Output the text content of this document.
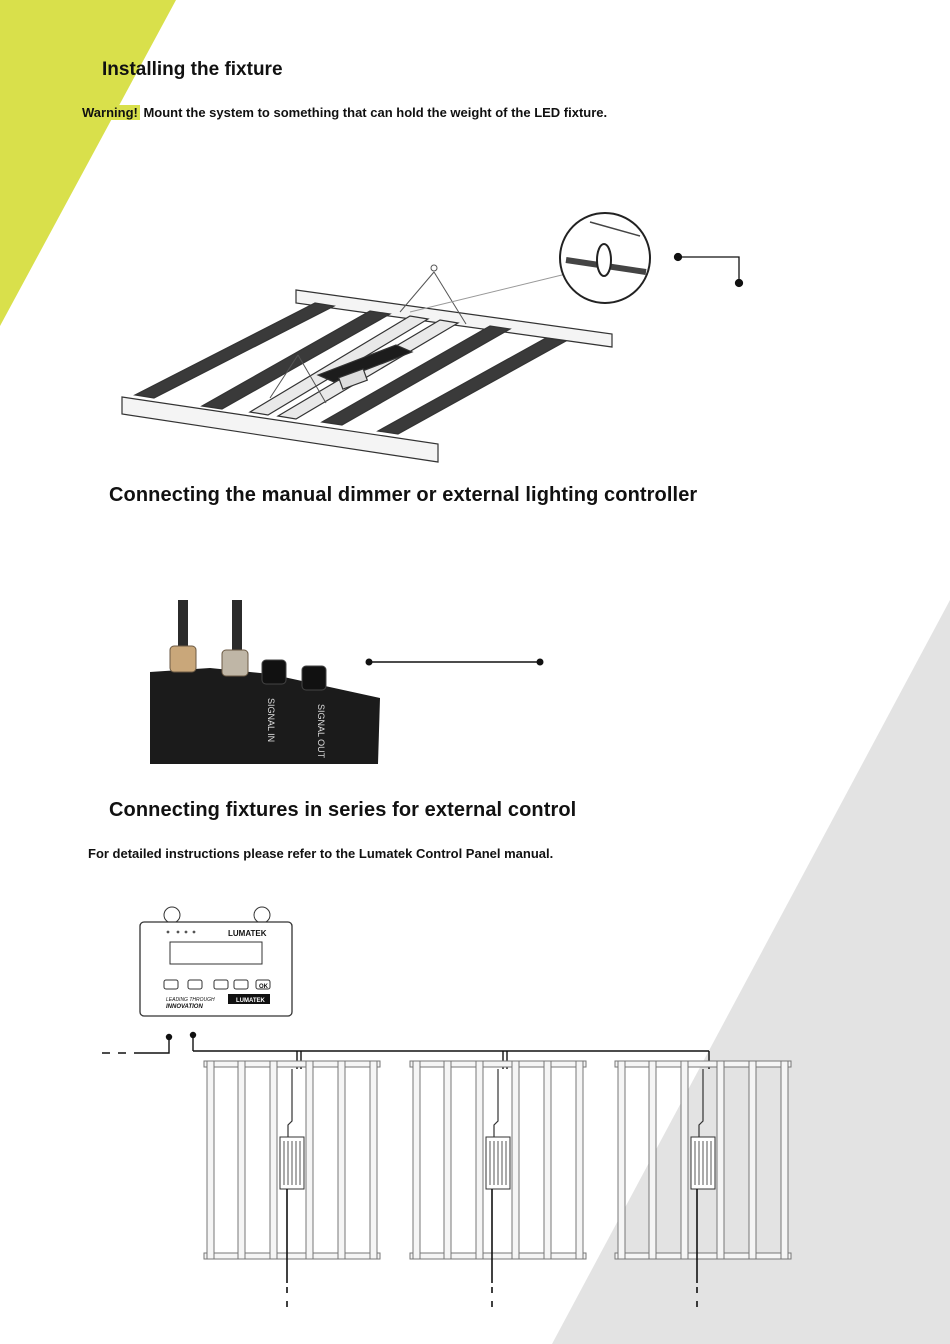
Installing the fixture
Warning! Mount the system to something that can hold the weight of the LED fixture.
Connecting the manual dimmer or external lighting controller
SIGNAL IN	SIGNAL OUT
Connecting fixtures in series for external control
For detailed instructions please refer to the Lumatek Control Panel manual.
LUMATEK
OK
LEADING THROUGH
INNOVATION
LUMATEK
